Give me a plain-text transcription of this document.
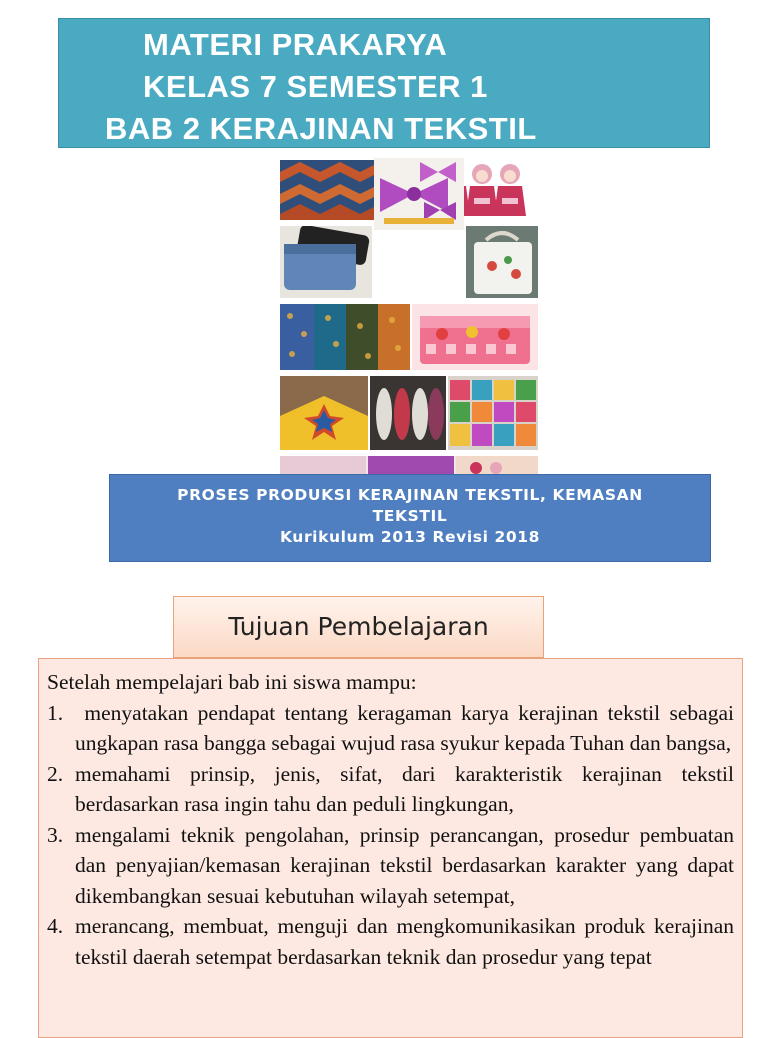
MATERI PRAKARYA
KELAS 7 SEMESTER 1
BAB 2 KERAJINAN TEKSTIL
PROSES PRODUKSI KERAJINAN TEKSTIL, KEMASAN
TEKSTIL
Kurikulum 2013 Revisi 2018
Tujuan Pembelajaran
Setelah mempelajari bab ini siswa mampu:
1. menyatakan pendapat tentang keragaman karya kerajinan tekstil sebagai ungkapan rasa bangga sebagai wujud rasa syukur kepada Tuhan dan bangsa,
2. memahami prinsip, jenis, sifat, dari karakteristik kerajinan tekstil berdasarkan rasa ingin tahu dan peduli lingkungan,
3. mengalami teknik pengolahan, prinsip perancangan, prosedur pembuatan dan penyajian/kemasan kerajinan tekstil berdasarkan karakter yang dapat dikembangkan sesuai kebutuhan wilayah setempat,
4. merancang, membuat, menguji dan mengkomunikasikan produk kerajinan tekstil daerah setempat berdasarkan teknik dan prosedur yang tepat
